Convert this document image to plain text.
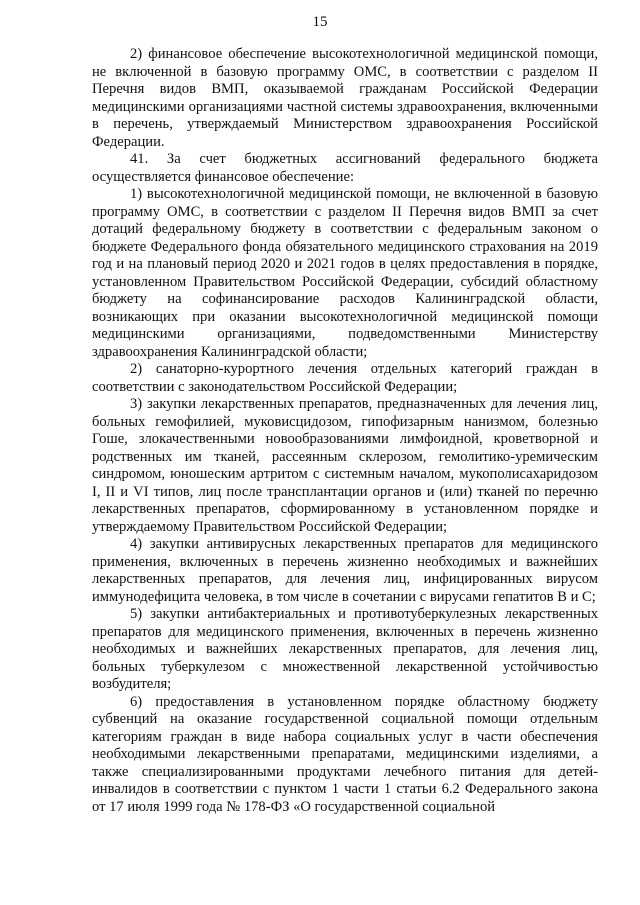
15

2) финансовое обеспечение высокотехнологичной медицинской помощи, не включенной в базовую программу ОМС, в соответствии с разделом II Перечня видов ВМП, оказываемой гражданам Российской Федерации медицинскими организациями частной системы здравоохранения, включенными в перечень, утверждаемый Министерством здравоохранения Российской Федерации.

41. За счет бюджетных ассигнований федерального бюджета осуществляется финансовое обеспечение:

1) высокотехнологичной медицинской помощи, не включенной в базовую программу ОМС, в соответствии с разделом II Перечня видов ВМП за счет дотаций федеральному бюджету в соответствии с федеральным законом о бюджете Федерального фонда обязательного медицинского страхования на 2019 год и на плановый период 2020 и 2021 годов в целях предоставления в порядке, установленном Правительством Российской Федерации, субсидий областному бюджету на софинансирование расходов Калининградской области, возникающих при оказании высокотехнологичной медицинской помощи медицинскими организациями, подведомственными Министерству здравоохранения Калининградской области;

2) санаторно-курортного лечения отдельных категорий граждан в соответствии с законодательством Российской Федерации;

3) закупки лекарственных препаратов, предназначенных для лечения лиц, больных гемофилией, муковисцидозом, гипофизарным нанизмом, болезнью Гоше, злокачественными новообразованиями лимфоидной, кроветворной и родственных им тканей, рассеянным склерозом, гемолитико-уремическим синдромом, юношеским артритом с системным началом, мукополисахаридозом I, II и VI типов, лиц после трансплантации органов и (или) тканей по перечню лекарственных препаратов, сформированному в установленном порядке и утверждаемому Правительством Российской Федерации;

4) закупки антивирусных лекарственных препаратов для медицинского применения, включенных в перечень жизненно необходимых и важнейших лекарственных препаратов, для лечения лиц, инфицированных вирусом иммунодефицита человека, в том числе в сочетании с вирусами гепатитов В и С;

5) закупки антибактериальных и противотуберкулезных лекарственных препаратов для медицинского применения, включенных в перечень жизненно необходимых и важнейших лекарственных препаратов, для лечения лиц, больных туберкулезом с множественной лекарственной устойчивостью возбудителя;

6) предоставления в установленном порядке областному бюджету субвенций на оказание государственной социальной помощи отдельным категориям граждан в виде набора социальных услуг в части обеспечения необходимыми лекарственными препаратами, медицинскими изделиями, а также специализированными продуктами лечебного питания для детей-инвалидов в соответствии с пунктом 1 части 1 статьи 6.2 Федерального закона от 17 июля 1999 года № 178-ФЗ «О государственной социальной
